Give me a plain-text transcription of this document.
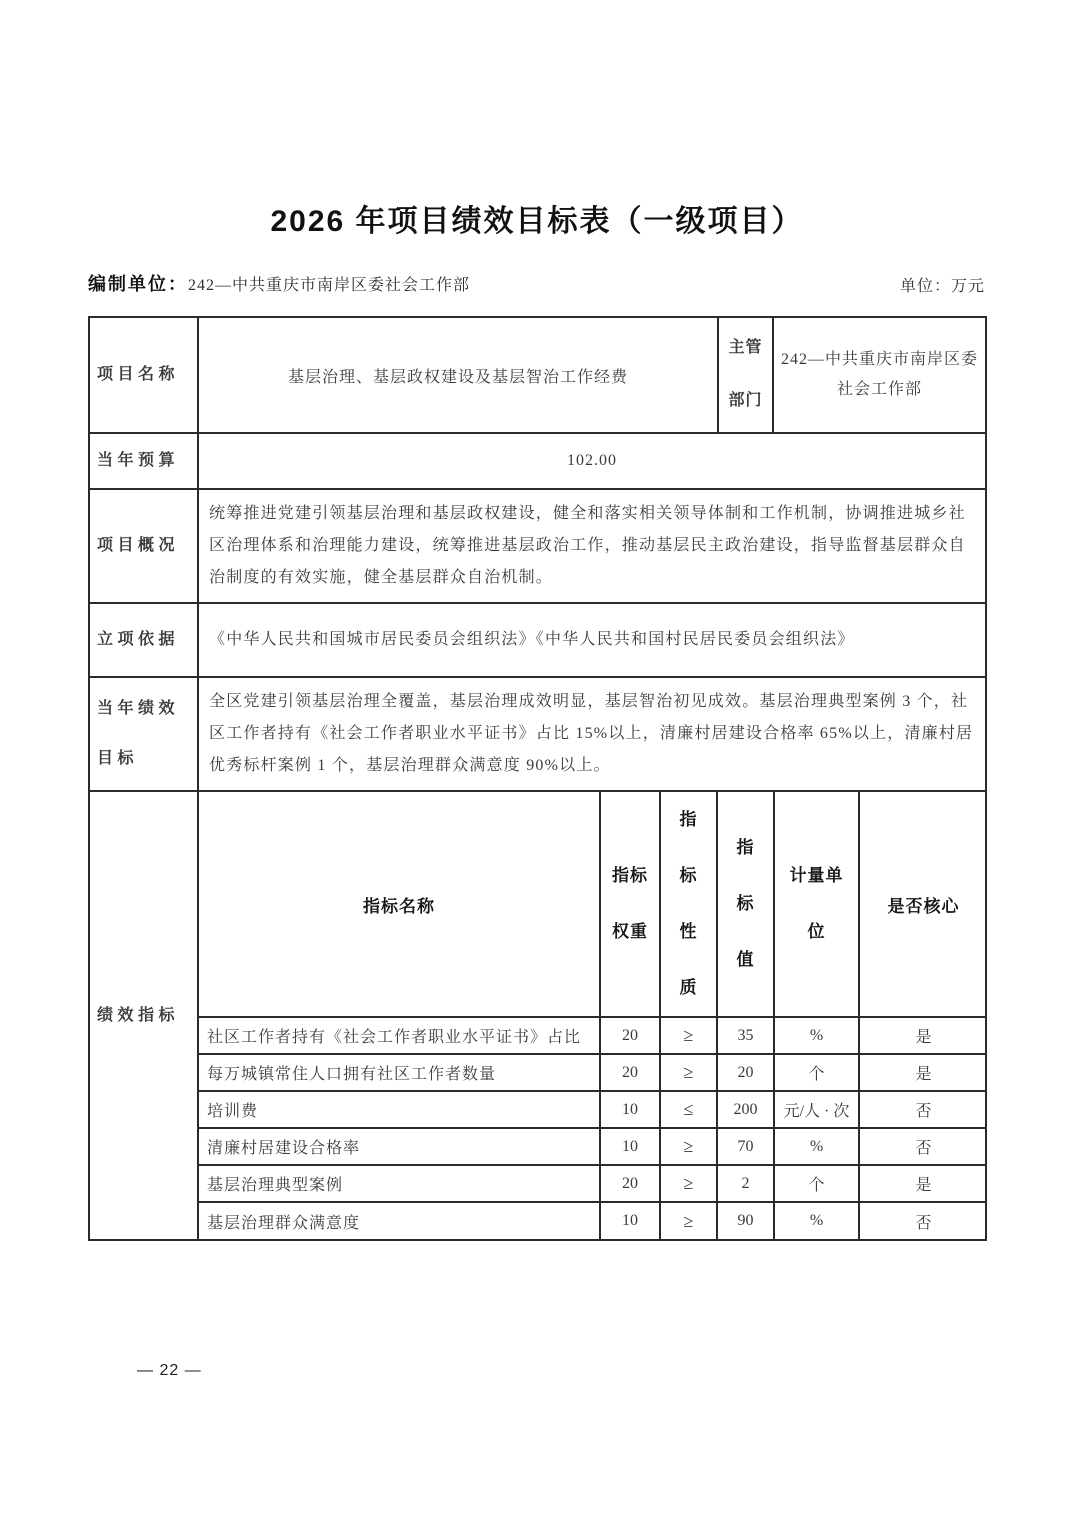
2026 年项目绩效目标表（一级项目）
编制单位：242—中共重庆市南岸区委社会工作部	单位：万元
项目名称	基层治理、基层政权建设及基层智治工作经费	主管部门	242—中共重庆市南岸区委社会工作部
当年预算	102.00
项目概况	统筹推进党建引领基层治理和基层政权建设，健全和落实相关领导体制和工作机制，协调推进城乡社区治理体系和治理能力建设，统筹推进基层政治工作，推动基层民主政治建设，指导监督基层群众自治制度的有效实施，健全基层群众自治机制。
立项依据	《中华人民共和国城市居民委员会组织法》《中华人民共和国村民居民委员会组织法》
当年绩效目标	全区党建引领基层治理全覆盖，基层治理成效明显，基层智治初见成效。基层治理典型案例 3 个，社区工作者持有《社会工作者职业水平证书》占比 15%以上，清廉村居建设合格率 65%以上，清廉村居优秀标杆案例 1 个，基层治理群众满意度 90%以上。
绩效指标	
指标名称	指标权重	指标性质	指标值	计量单位	是否核心
社区工作者持有《社会工作者职业水平证书》占比	20	≥	35	%	是
每万城镇常住人口拥有社区工作者数量	20	≥	20	个	是
培训费	10	≤	200	元/人 · 次	否
清廉村居建设合格率	10	≥	70	%	否
基层治理典型案例	20	≥	2	个	是
基层治理群众满意度	10	≥	90	%	否
— 22 —
